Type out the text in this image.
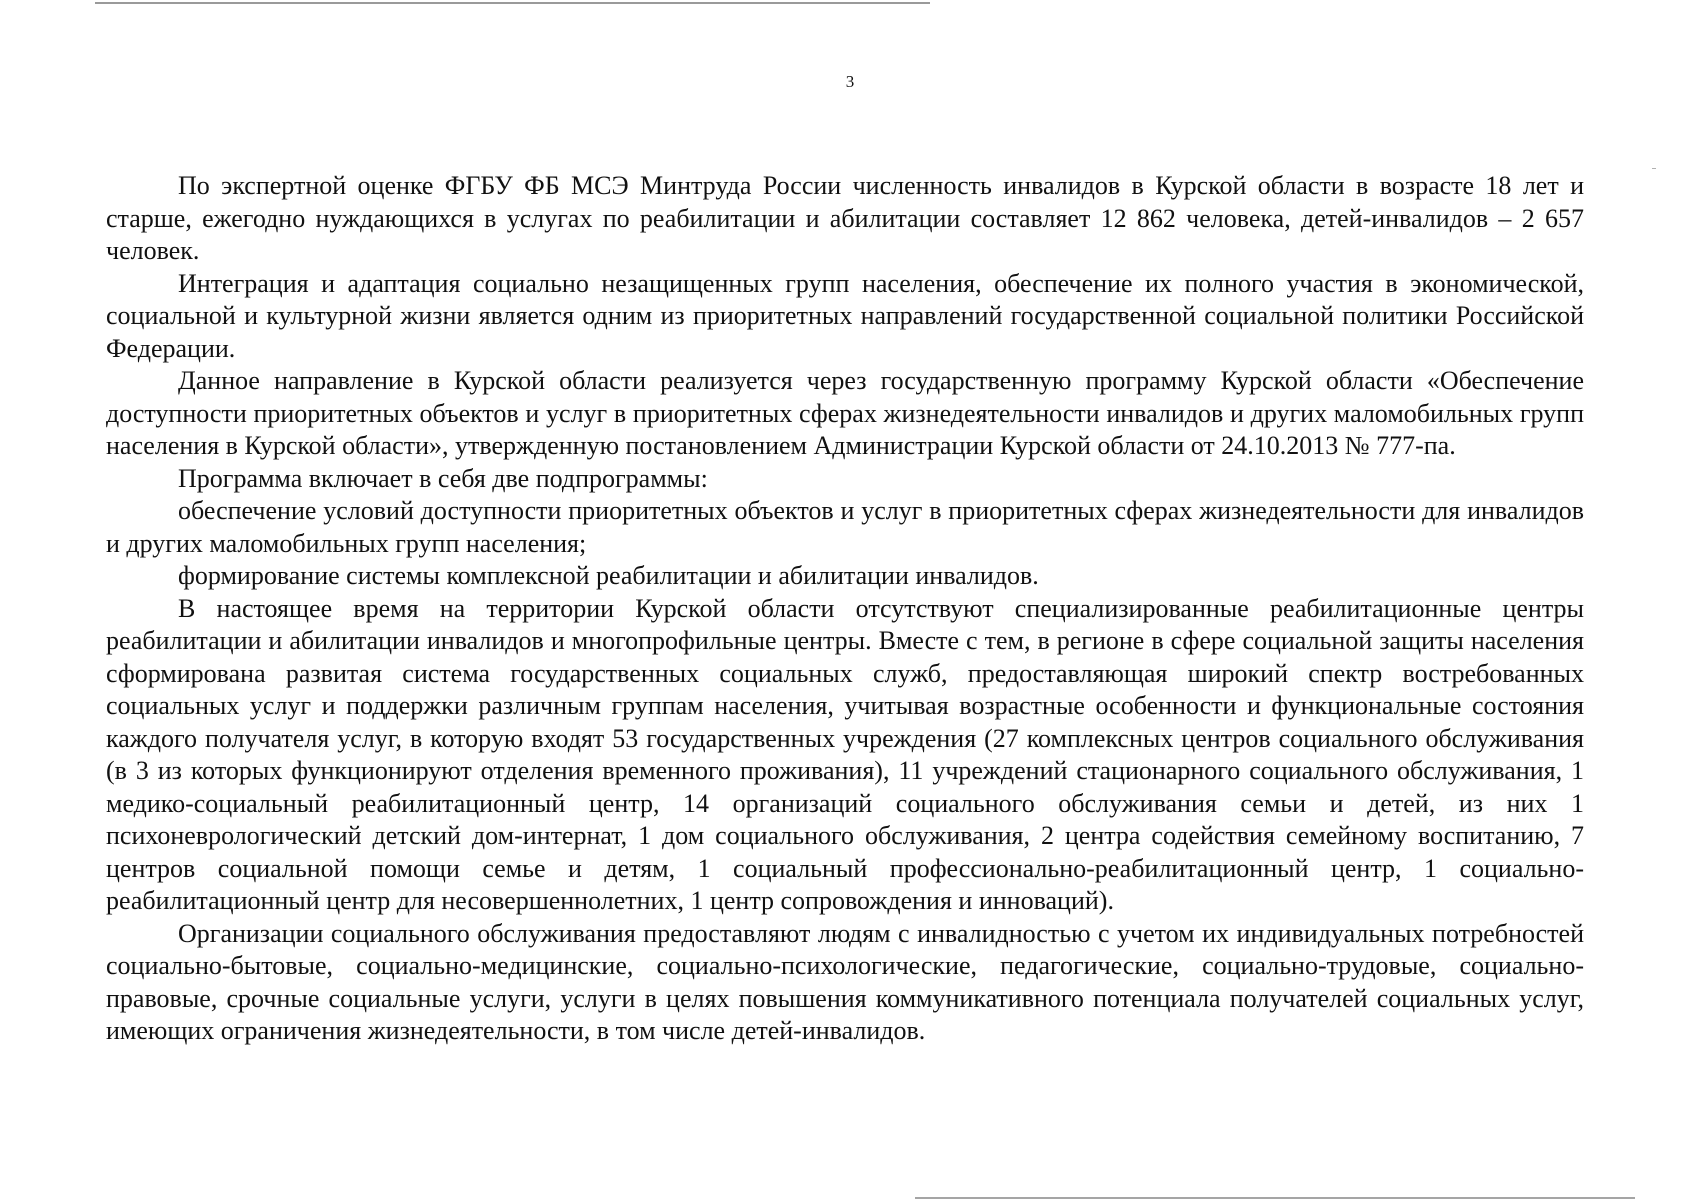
3

По экспертной оценке ФГБУ ФБ МСЭ Минтруда России численность инвалидов в Курской области в возрасте 18 лет и старше, ежегодно нуждающихся в услугах по реабилитации и абилитации составляет 12 862 человека, детей-инвалидов – 2 657 человек.

Интеграция и адаптация социально незащищенных групп населения, обеспечение их полного участия в экономической, социальной и культурной жизни является одним из приоритетных направлений государственной социальной политики Российской Федерации.

Данное направление в Курской области реализуется через государственную программу Курской области «Обеспечение доступности приоритетных объектов и услуг в приоритетных сферах жизнедеятельности инвалидов и других маломобильных групп населения в Курской области», утвержденную постановлением Администрации Курской области от 24.10.2013 № 777-па.

Программа включает в себя две подпрограммы:

обеспечение условий доступности приоритетных объектов и услуг в приоритетных сферах жизнедеятельности для инвалидов и других маломобильных групп населения;

формирование системы комплексной реабилитации и абилитации инвалидов.

В настоящее время на территории Курской области отсутствуют специализированные реабилитационные центры реабилитации и абилитации инвалидов и многопрофильные центры. Вместе с тем, в регионе в сфере социальной защиты населения сформирована развитая система государственных социальных служб, предоставляющая широкий спектр востребованных социальных услуг и поддержки различным группам населения, учитывая возрастные особенности и функциональные состояния каждого получателя услуг, в которую входят 53 государственных учреждения (27 комплексных центров социального обслуживания (в 3 из которых функционируют отделения временного проживания), 11 учреждений стационарного социального обслуживания, 1 медико-социальный реабилитационный центр, 14 организаций социального обслуживания семьи и детей, из них 1 психоневрологический детский дом-интернат, 1 дом социального обслуживания, 2 центра содействия семейному воспитанию, 7 центров социальной помощи семье и детям, 1 социальный профессионально-реабилитационный центр, 1 социально-реабилитационный центр для несовершеннолетних, 1 центр сопровождения и инноваций).

Организации социального обслуживания предоставляют людям с инвалидностью с учетом их индивидуальных потребностей социально-бытовые, социально-медицинские, социально-психологические, педагогические, социально-трудовые, социально-правовые, срочные социальные услуги, услуги в целях повышения коммуникативного потенциала получателей социальных услуг, имеющих ограничения жизнедеятельности, в том числе детей-инвалидов.
